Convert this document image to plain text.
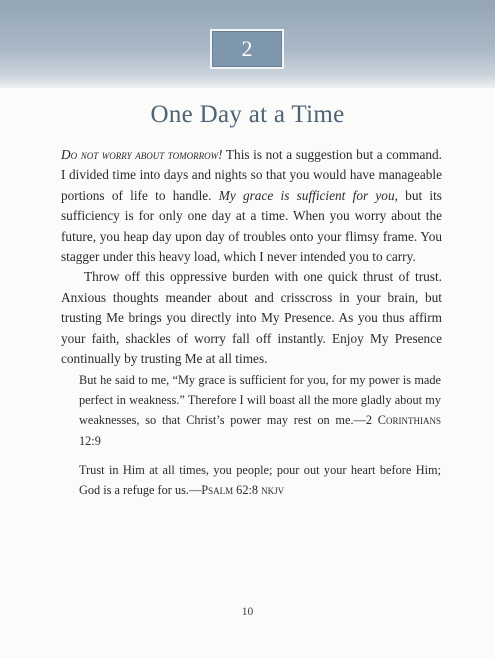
2
One Day at a Time

Do not worry about tomorrow! This is not a suggestion but a command. I divided time into days and nights so that you would have manageable portions of life to handle. My grace is sufficient for you, but its sufficiency is for only one day at a time. When you worry about the future, you heap day upon day of troubles onto your flimsy frame. You stagger under this heavy load, which I never intended you to carry.

Throw off this oppressive burden with one quick thrust of trust. Anxious thoughts meander about and crisscross in your brain, but trusting Me brings you directly into My Presence. As you thus affirm your faith, shackles of worry fall off instantly. Enjoy My Presence continually by trusting Me at all times.

But he said to me, “My grace is sufficient for you, for my power is made perfect in weakness.” Therefore I will boast all the more gladly about my weaknesses, so that Christ’s power may rest on me.—2 Corinthians 12:9

Trust in Him at all times, you people; pour out your heart before Him; God is a refuge for us.—Psalm 62:8 nkjv

10
